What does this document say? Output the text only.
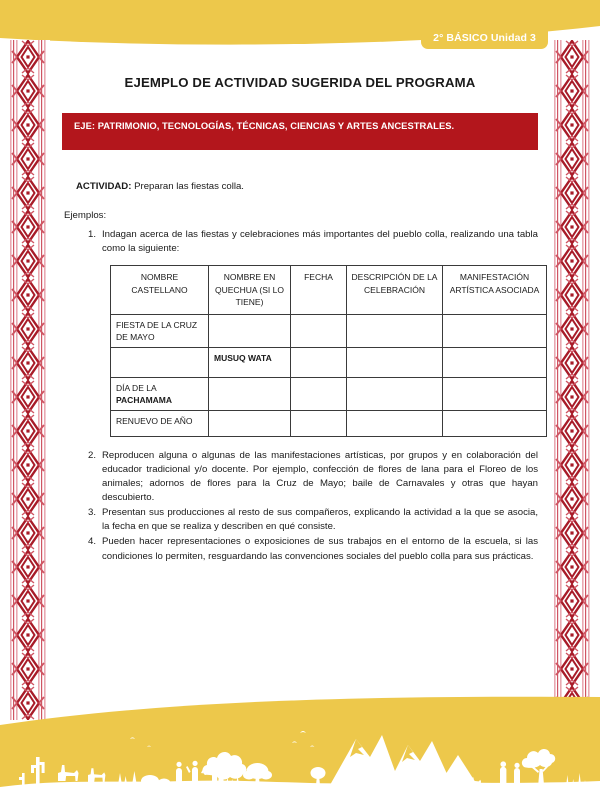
2° BÁSICO Unidad 3
EJEMPLO DE ACTIVIDAD SUGERIDA DEL PROGRAMA
EJE: PATRIMONIO, TECNOLOGÍAS, TÉCNICAS, CIENCIAS Y ARTES ANCESTRALES.

ACTIVIDAD: Preparan las fiestas colla.

Ejemplos:

1. Indagan acerca de las fiestas y celebraciones más importantes del pueblo colla, realizando una tabla como la siguiente:
NOMBRE CASTELLANO	NOMBRE EN QUECHUA (SI LO TIENE)	FECHA	DESCRIPCIÓN DE LA CELEBRACIÓN	MANIFESTACIÓN ARTÍSTICA ASOCIADA
FIESTA DE LA CRUZ DE MAYO				
	MUSUQ WATA			
DÍA DE LA PACHAMAMA				
RENUEVO DE AÑO				
2. Reproducen alguna o algunas de las manifestaciones artísticas, por grupos y en colaboración del educador tradicional y/o docente. Por ejemplo, confección de flores de lana para el Floreo de los animales; adornos de flores para la Cruz de Mayo; baile de Carnavales y otras que hayan descubierto.
3. Presentan sus producciones al resto de sus compañeros, explicando la actividad a la que se asocia, la fecha en que se realiza y describen en qué consiste.
4. Pueden hacer representaciones o exposiciones de sus trabajos en el entorno de la escuela, si las condiciones lo permiten, resguardando las convenciones sociales del pueblo colla para sus prácticas.
